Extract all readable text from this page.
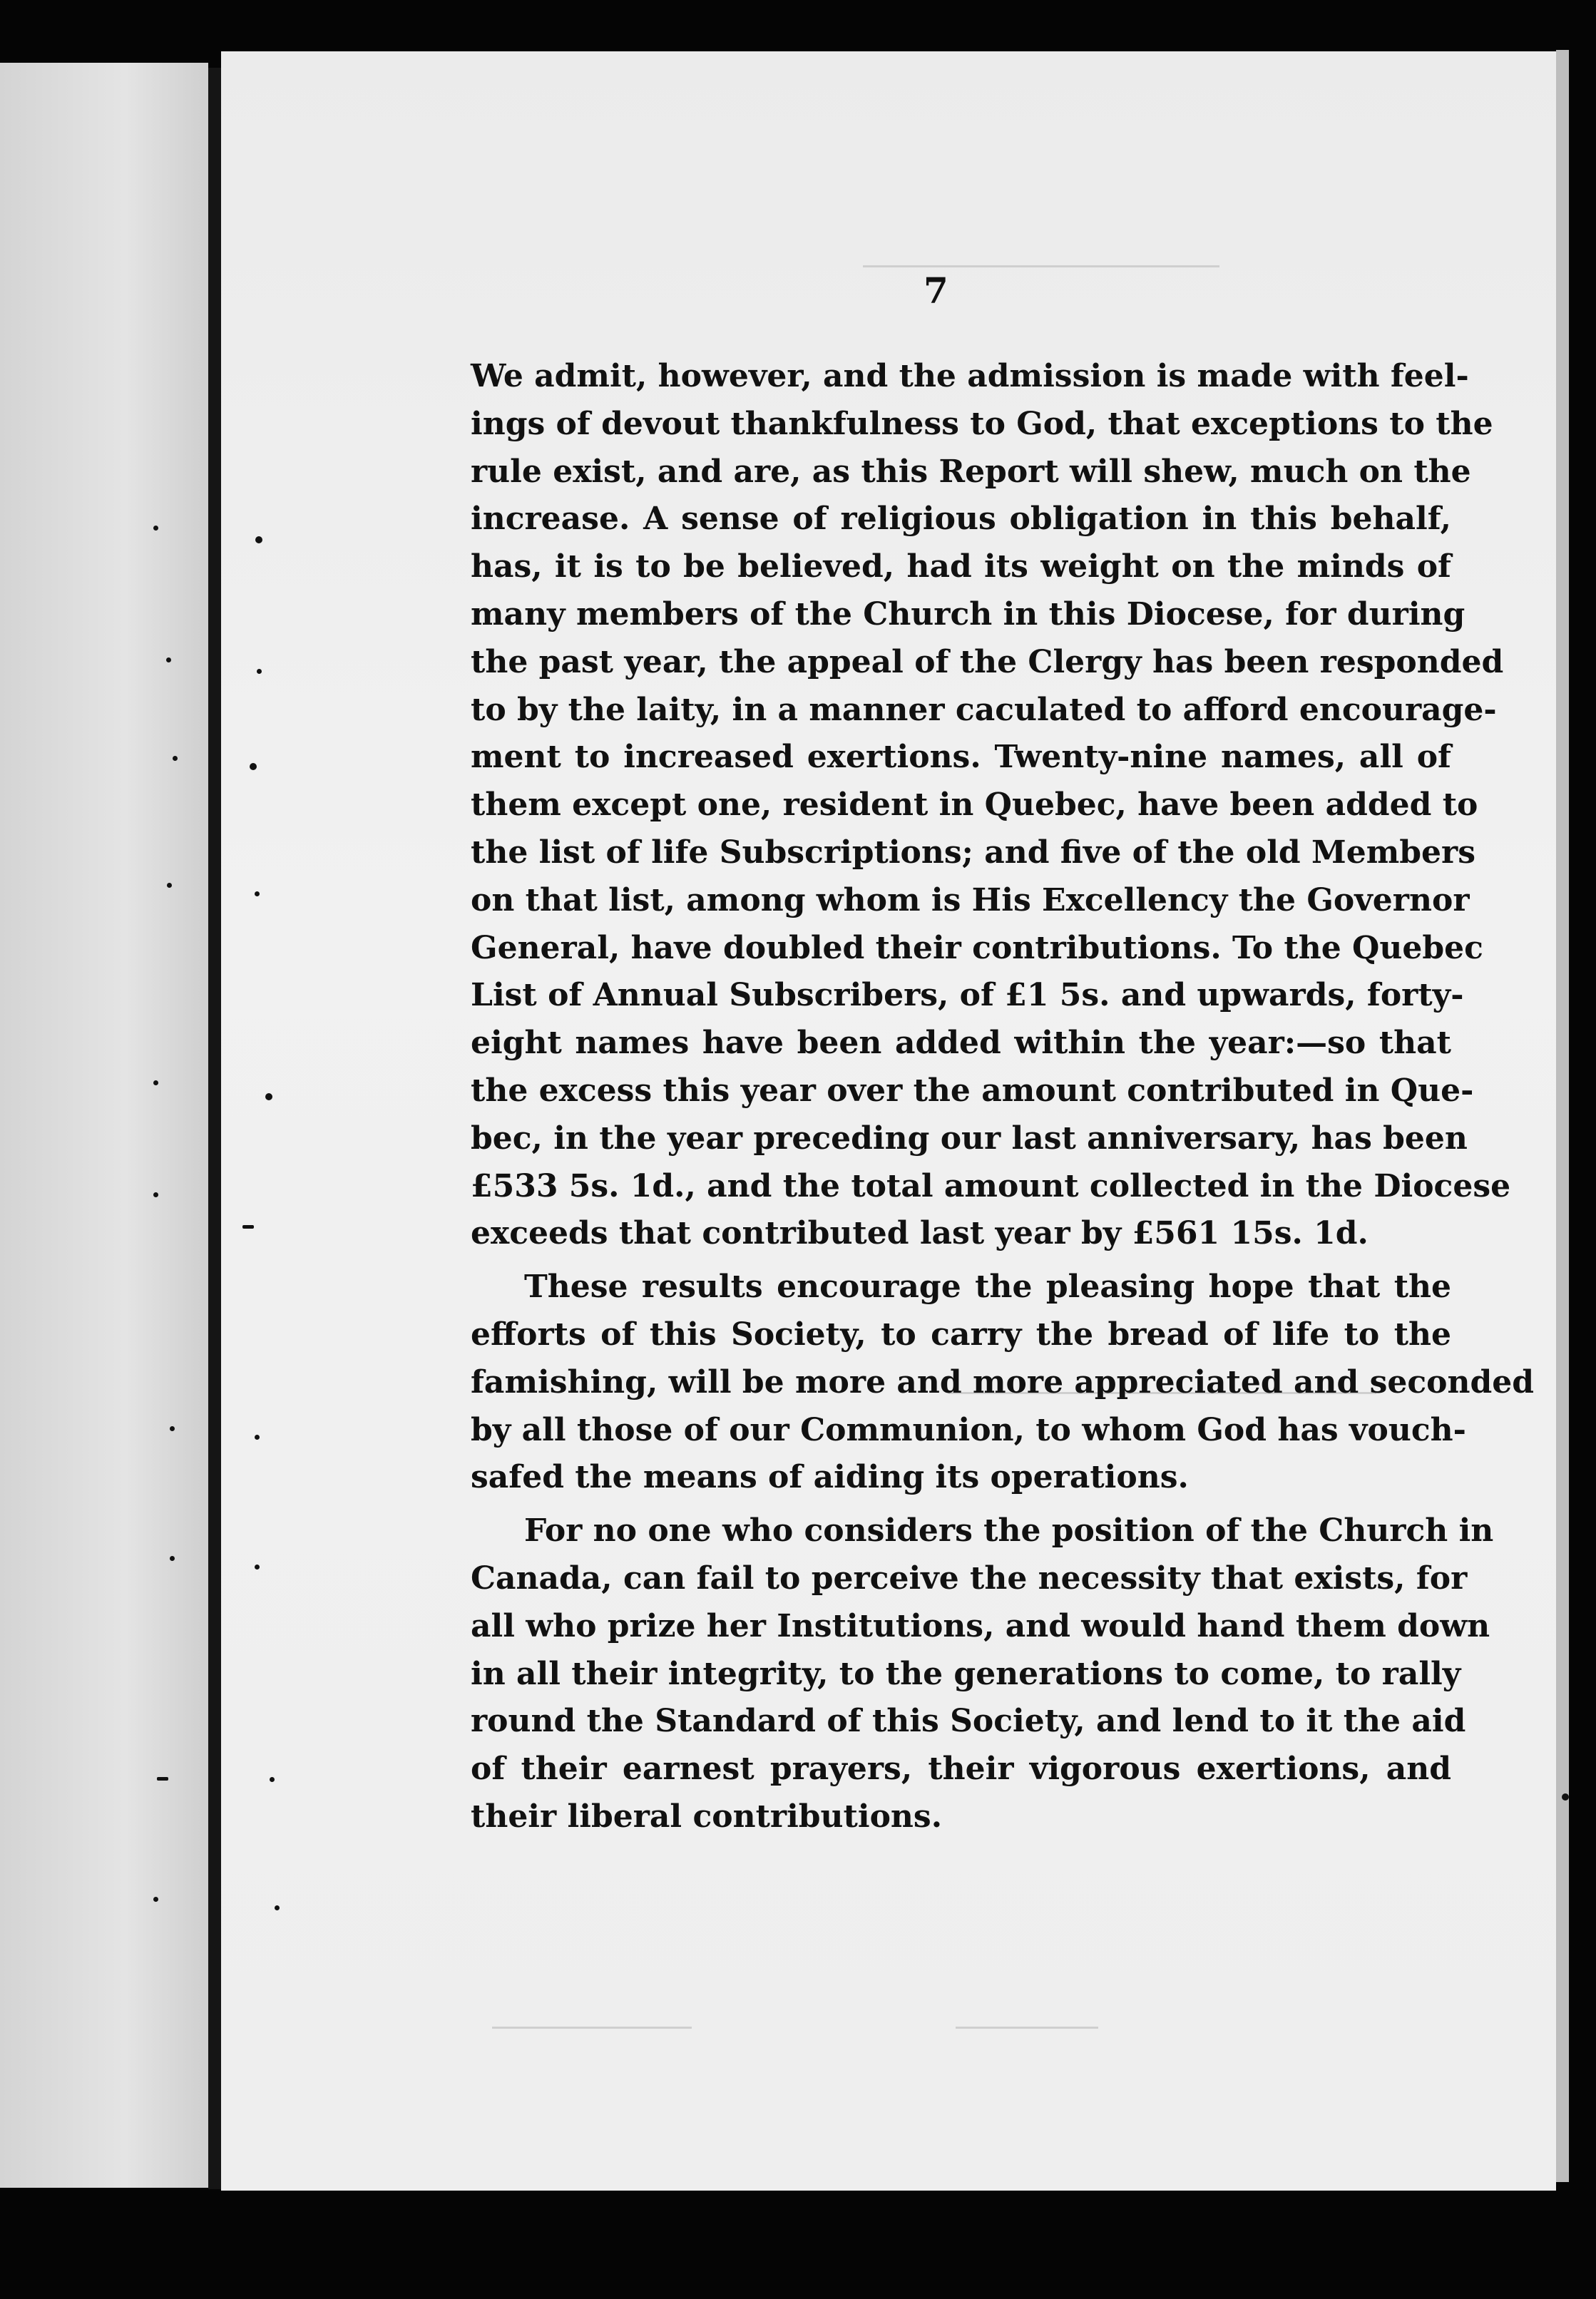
7

We admit, however, and the admission is made with feel-
ings of devout thankfulness to God, that exceptions to the
rule exist, and are, as this Report will shew, much on the
increase. A sense of religious obligation in this behalf,
has, it is to be believed, had its weight on the minds of
many members of the Church in this Diocese, for during
the past year, the appeal of the Clergy has been responded
to by the laity, in a manner caculated to afford encourage-
ment to increased exertions. Twenty-nine names, all of
them except one, resident in Quebec, have been added to
the list of life Subscriptions; and five of the old Members
on that list, among whom is His Excellency the Governor
General, have doubled their contributions. To the Quebec
List of Annual Subscribers, of £1 5s. and upwards, forty-
eight names have been added within the year:—so that
the excess this year over the amount contributed in Que-
bec, in the year preceding our last anniversary, has been
£533 5s. 1d., and the total amount collected in the Diocese
exceeds that contributed last year by £561 15s. 1d.

These results encourage the pleasing hope that the
efforts of this Society, to carry the bread of life to the
famishing, will be more and more appreciated and seconded
by all those of our Communion, to whom God has vouch-
safed the means of aiding its operations.

For no one who considers the position of the Church in
Canada, can fail to perceive the necessity that exists, for
all who prize her Institutions, and would hand them down
in all their integrity, to the generations to come, to rally
round the Standard of this Society, and lend to it the aid
of their earnest prayers, their vigorous exertions, and
their liberal contributions.
